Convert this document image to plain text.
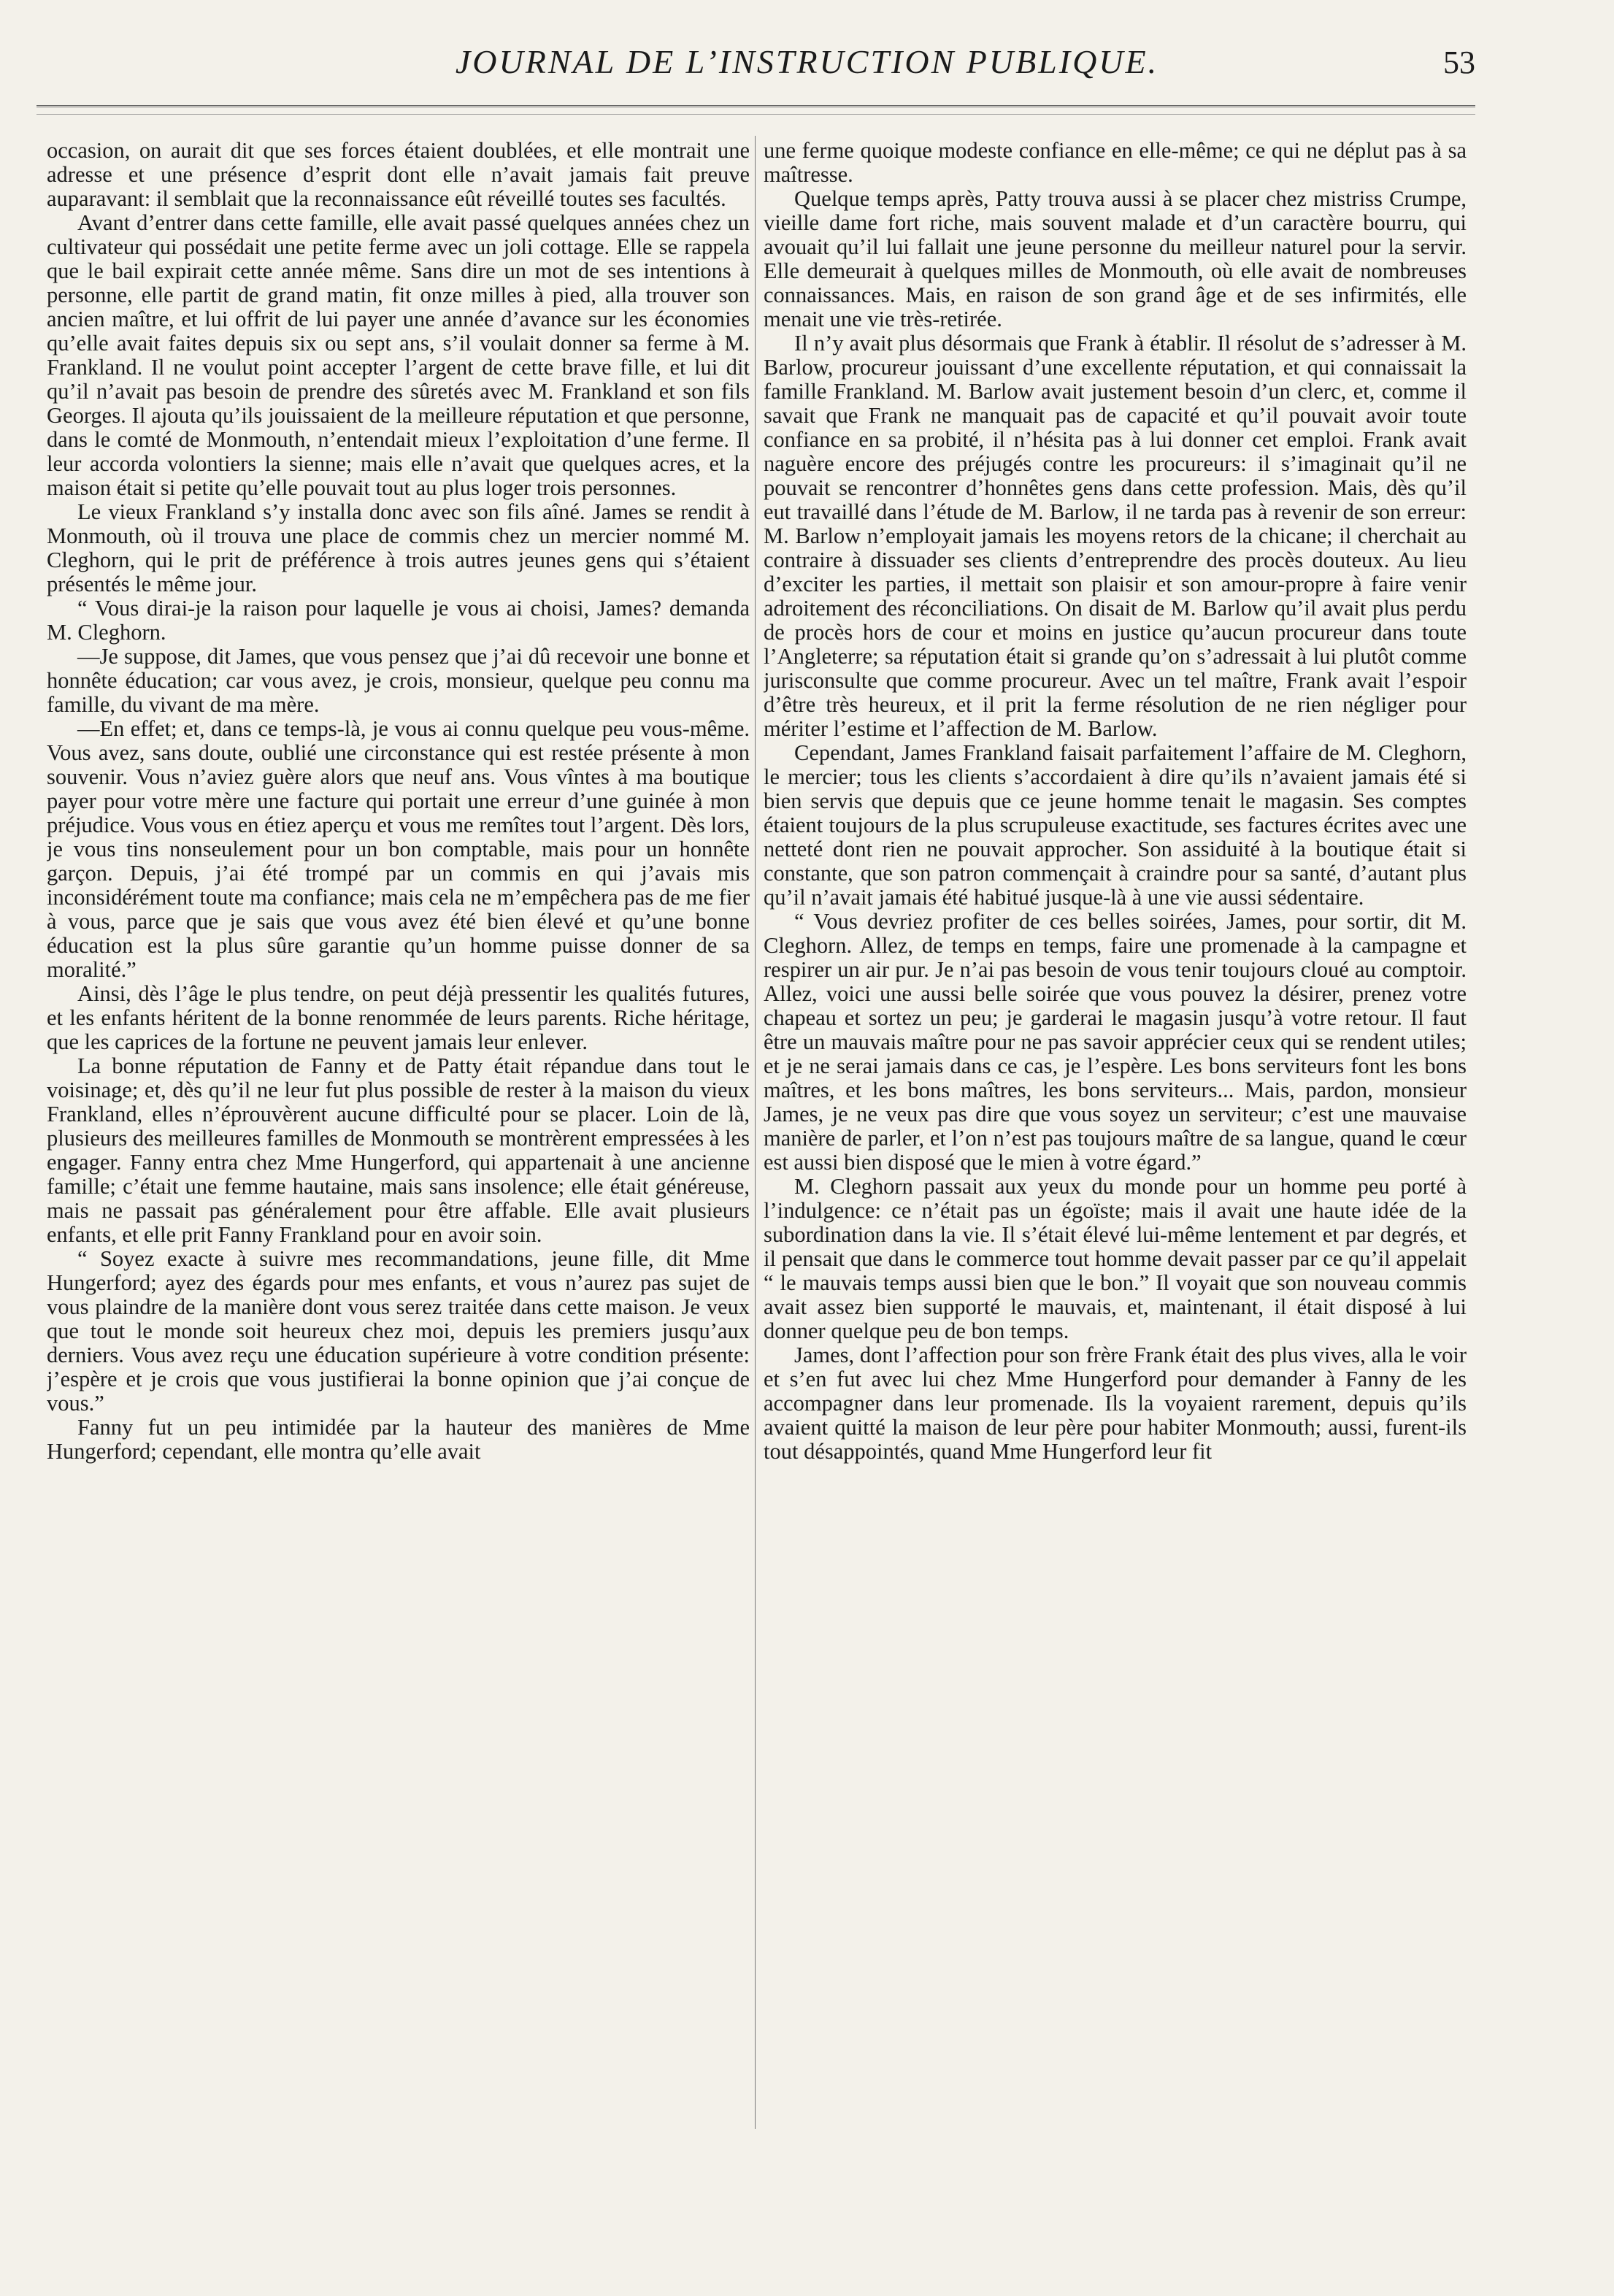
JOURNAL DE L’INSTRUCTION PUBLIQUE.	53

occasion, on aurait dit que ses forces étaient doublées, et elle montrait une adresse et une présence d’esprit dont elle n’avait jamais fait preuve auparavant: il semblait que la reconnaissance eût réveillé toutes ses facultés.

Avant d’entrer dans cette famille, elle avait passé quelques années chez un cultivateur qui possédait une petite ferme avec un joli cottage. Elle se rappela que le bail expirait cette année même. Sans dire un mot de ses intentions à personne, elle partit de grand matin, fit onze milles à pied, alla trouver son ancien maître, et lui offrit de lui payer une année d’avance sur les économies qu’elle avait faites depuis six ou sept ans, s’il voulait donner sa ferme à M. Frankland. Il ne voulut point accepter l’argent de cette brave fille, et lui dit qu’il n’avait pas besoin de prendre des sûretés avec M. Frankland et son fils Georges. Il ajouta qu’ils jouissaient de la meilleure réputation et que personne, dans le comté de Monmouth, n’entendait mieux l’exploitation d’une ferme. Il leur accorda volontiers la sienne; mais elle n’avait que quelques acres, et la maison était si petite qu’elle pouvait tout au plus loger trois personnes.

Le vieux Frankland s’y installa donc avec son fils aîné. James se rendit à Monmouth, où il trouva une place de commis chez un mercier nommé M. Cleghorn, qui le prit de préférence à trois autres jeunes gens qui s’étaient présentés le même jour.

“ Vous dirai-je la raison pour laquelle je vous ai choisi, James? demanda M. Cleghorn.

—Je suppose, dit James, que vous pensez que j’ai dû recevoir une bonne et honnête éducation; car vous avez, je crois, monsieur, quelque peu connu ma famille, du vivant de ma mère.

—En effet; et, dans ce temps-là, je vous ai connu quelque peu vous-même. Vous avez, sans doute, oublié une circonstance qui est restée présente à mon souvenir. Vous n’aviez guère alors que neuf ans. Vous vîntes à ma boutique payer pour votre mère une facture qui portait une erreur d’une guinée à mon préjudice. Vous vous en étiez aperçu et vous me remîtes tout l’argent. Dès lors, je vous tins nonseulement pour un bon comptable, mais pour un honnête garçon. Depuis, j’ai été trompé par un commis en qui j’avais mis inconsidérément toute ma confiance; mais cela ne m’empêchera pas de me fier à vous, parce que je sais que vous avez été bien élevé et qu’une bonne éducation est la plus sûre garantie qu’un homme puisse donner de sa moralité.”

Ainsi, dès l’âge le plus tendre, on peut déjà pressentir les qualités futures, et les enfants héritent de la bonne renommée de leurs parents. Riche héritage, que les caprices de la fortune ne peuvent jamais leur enlever.

La bonne réputation de Fanny et de Patty était répandue dans tout le voisinage; et, dès qu’il ne leur fut plus possible de rester à la maison du vieux Frankland, elles n’éprouvèrent aucune difficulté pour se placer. Loin de là, plusieurs des meilleures familles de Monmouth se montrèrent empressées à les engager. Fanny entra chez Mme Hungerford, qui appartenait à une ancienne famille; c’était une femme hautaine, mais sans insolence; elle était généreuse, mais ne passait pas généralement pour être affable. Elle avait plusieurs enfants, et elle prit Fanny Frankland pour en avoir soin.

“ Soyez exacte à suivre mes recommandations, jeune fille, dit Mme Hungerford; ayez des égards pour mes enfants, et vous n’aurez pas sujet de vous plaindre de la manière dont vous serez traitée dans cette maison. Je veux que tout le monde soit heureux chez moi, depuis les premiers jusqu’aux derniers. Vous avez reçu une éducation supérieure à votre condition présente: j’espère et je crois que vous justifierai la bonne opinion que j’ai conçue de vous.”

Fanny fut un peu intimidée par la hauteur des manières de Mme Hungerford; cependant, elle montra qu’elle avait

une ferme quoique modeste confiance en elle-même; ce qui ne déplut pas à sa maîtresse.

Quelque temps après, Patty trouva aussi à se placer chez mistriss Crumpe, vieille dame fort riche, mais souvent malade et d’un caractère bourru, qui avouait qu’il lui fallait une jeune personne du meilleur naturel pour la servir. Elle demeurait à quelques milles de Monmouth, où elle avait de nombreuses connaissances. Mais, en raison de son grand âge et de ses infirmités, elle menait une vie très-retirée.

Il n’y avait plus désormais que Frank à établir. Il résolut de s’adresser à M. Barlow, procureur jouissant d’une excellente réputation, et qui connaissait la famille Frankland. M. Barlow avait justement besoin d’un clerc, et, comme il savait que Frank ne manquait pas de capacité et qu’il pouvait avoir toute confiance en sa probité, il n’hésita pas à lui donner cet emploi. Frank avait naguère encore des préjugés contre les procureurs: il s’imaginait qu’il ne pouvait se rencontrer d’honnêtes gens dans cette profession. Mais, dès qu’il eut travaillé dans l’étude de M. Barlow, il ne tarda pas à revenir de son erreur: M. Barlow n’employait jamais les moyens retors de la chicane; il cherchait au contraire à dissuader ses clients d’entreprendre des procès douteux. Au lieu d’exciter les parties, il mettait son plaisir et son amour-propre à faire venir adroitement des réconciliations. On disait de M. Barlow qu’il avait plus perdu de procès hors de cour et moins en justice qu’aucun procureur dans toute l’Angleterre; sa réputation était si grande qu’on s’adressait à lui plutôt comme jurisconsulte que comme procureur. Avec un tel maître, Frank avait l’espoir d’être très heureux, et il prit la ferme résolution de ne rien négliger pour mériter l’estime et l’affection de M. Barlow.

Cependant, James Frankland faisait parfaitement l’affaire de M. Cleghorn, le mercier; tous les clients s’accordaient à dire qu’ils n’avaient jamais été si bien servis que depuis que ce jeune homme tenait le magasin. Ses comptes étaient toujours de la plus scrupuleuse exactitude, ses factures écrites avec une netteté dont rien ne pouvait approcher. Son assiduité à la boutique était si constante, que son patron commençait à craindre pour sa santé, d’autant plus qu’il n’avait jamais été habitué jusque-là à une vie aussi sédentaire.

“ Vous devriez profiter de ces belles soirées, James, pour sortir, dit M. Cleghorn. Allez, de temps en temps, faire une promenade à la campagne et respirer un air pur. Je n’ai pas besoin de vous tenir toujours cloué au comptoir. Allez, voici une aussi belle soirée que vous pouvez la désirer, prenez votre chapeau et sortez un peu; je garderai le magasin jusqu’à votre retour. Il faut être un mauvais maître pour ne pas savoir apprécier ceux qui se rendent utiles; et je ne serai jamais dans ce cas, je l’espère. Les bons serviteurs font les bons maîtres, et les bons maîtres, les bons serviteurs... Mais, pardon, monsieur James, je ne veux pas dire que vous soyez un serviteur; c’est une mauvaise manière de parler, et l’on n’est pas toujours maître de sa langue, quand le cœur est aussi bien disposé que le mien à votre égard.”

M. Cleghorn passait aux yeux du monde pour un homme peu porté à l’indulgence: ce n’était pas un égoïste; mais il avait une haute idée de la subordination dans la vie. Il s’était élevé lui-même lentement et par degrés, et il pensait que dans le commerce tout homme devait passer par ce qu’il appelait “ le mauvais temps aussi bien que le bon.” Il voyait que son nouveau commis avait assez bien supporté le mauvais, et, maintenant, il était disposé à lui donner quelque peu de bon temps.

James, dont l’affection pour son frère Frank était des plus vives, alla le voir et s’en fut avec lui chez Mme Hungerford pour demander à Fanny de les accompagner dans leur promenade. Ils la voyaient rarement, depuis qu’ils avaient quitté la maison de leur père pour habiter Monmouth; aussi, furent-ils tout désappointés, quand Mme Hungerford leur fit
